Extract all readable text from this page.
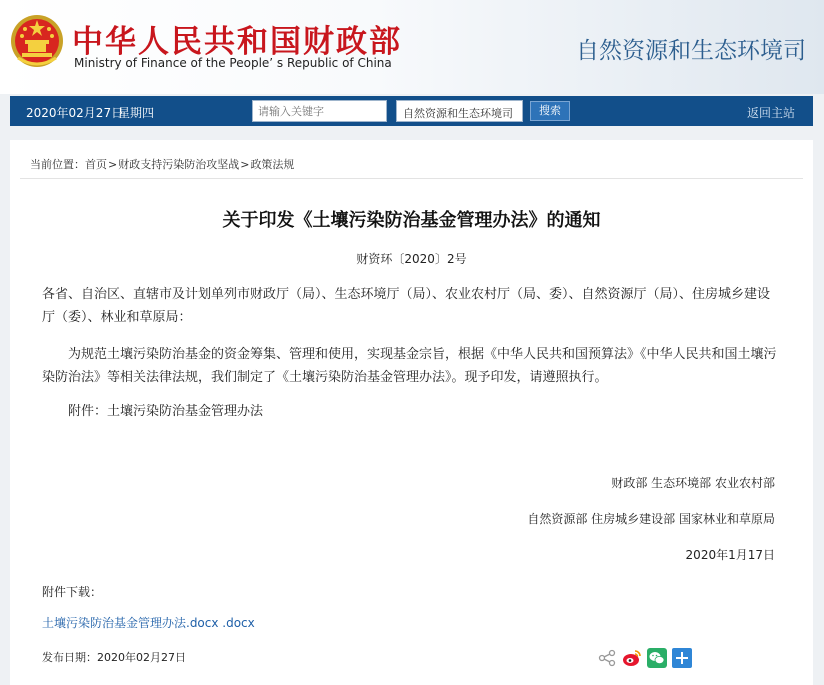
中华人民共和国财政部
Ministry of Finance of the People’ s Republic of China	自然资源和生态环境司
2020年02月27日
星期四
请输入关键字	自然资源和生态环境司	搜索	返回主站
当前位置：首页>财政支持污染防治攻坚战>政策法规
关于印发《土壤污染防治基金管理办法》的通知
财资环〔2020〕2号
各省、自治区、直辖市及计划单列市财政厅（局）、生态环境厅（局）、农业农村厅（局、委）、自然资源厅（局）、住房城乡建设厅（委）、林业和草原局：
为规范土壤污染防治基金的资金筹集、管理和使用，实现基金宗旨，根据《中华人民共和国预算法》《中华人民共和国土壤污染防治法》等相关法律法规，我们制定了《土壤污染防治基金管理办法》。现予印发，请遵照执行。
附件：土壤污染防治基金管理办法
财政部 生态环境部 农业农村部
自然资源部 住房城乡建设部 国家林业和草原局
2020年1月17日
附件下载：
土壤污染防治基金管理办法.docx .docx
发布日期：2020年02月27日
